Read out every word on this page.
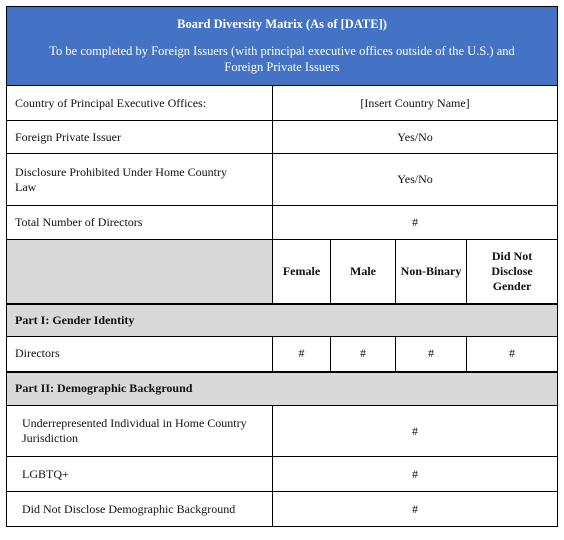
Board Diversity Matrix (As of [DATE])
To be completed by Foreign Issuers (with principal executive offices outside of the U.S.) and Foreign Private Issuers				

Country of Principal Executive Offices:	[Insert Country Name]			
Foreign Private Issuer	Yes/No			
Disclosure Prohibited Under Home Country Law	Yes/No			
Total Number of Directors	#			
	Female	Male	Non-Binary	Did Not Disclose Gender
Part I: Gender Identity				
Directors	#	#	#	#
Part II: Demographic Background				
Underrepresented Individual in Home Country Jurisdiction	#			
LGBTQ+	#			
Did Not Disclose Demographic Background	#			
